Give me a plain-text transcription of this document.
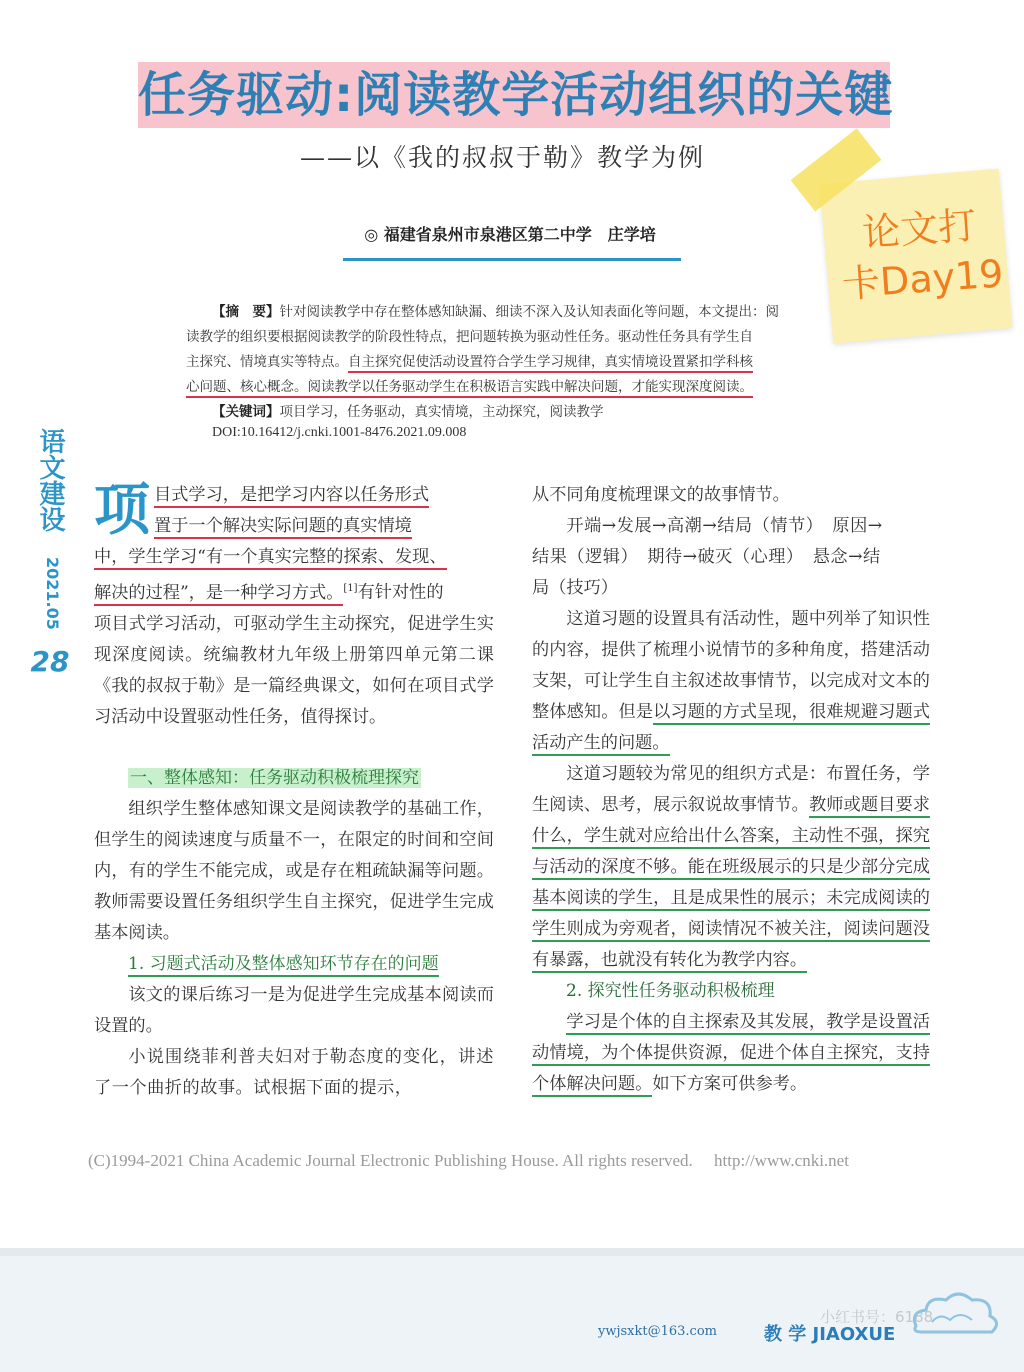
任务驱动:阅读教学活动组织的关键
——以《我的叔叔于勒》教学为例
◎ 福建省泉州市泉港区第二中学　庄学培
【摘　要】针对阅读教学中存在整体感知缺漏、细读不深入及认知表面化等问题，本文提出：阅
读教学的组织要根据阅读教学的阶段性特点，把问题转换为驱动性任务。驱动性任务具有学生自
主探究、情境真实等特点。自主探究促使活动设置符合学生学习规律，真实情境设置紧扣学科核
心问题、核心概念。阅读教学以任务驱动学生在积极语言实践中解决问题，才能实现深度阅读。
【关键词】项目学习，任务驱动，真实情境，主动探究，阅读教学
DOI:10.16412/j.cnki.1001-8476.2021.09.008
语文建设
2021.05
28

项 目式学习，是把学习内容以任务形式
置于一个解决实际问题的真实情境
中，学生学习“有一个真实完整的探索、发现、
解决的过程”，是一种学习方式。[1]有针对性的

项目式学习活动，可驱动学生主动探究，促进学生实现深度阅读。统编教材九年级上册第四单元第二课《我的叔叔于勒》是一篇经典课文，如何在项目式学习活动中设置驱动性任务，值得探讨。

一、整体感知：任务驱动积极梳理探究

组织学生整体感知课文是阅读教学的基础工作，但学生的阅读速度与质量不一，在限定的时间和空间内，有的学生不能完成，或是存在粗疏缺漏等问题。教师需要设置任务组织学生自主探究，促进学生完成基本阅读。

1. 习题式活动及整体感知环节存在的问题

该文的课后练习一是为促进学生完成基本阅读而设置的。

小说围绕菲利普夫妇对于勒态度的变化，讲述了一个曲折的故事。试根据下面的提示，

从不同角度梳理课文的故事情节。

开端→发展→高潮→结局（情节）　原因→

结果（逻辑）　期待→破灭（心理）　悬念→结

局（技巧）

这道习题的设置具有活动性，题中列举了知识性的内容，提供了梳理小说情节的多种角度，搭建活动支架，可让学生自主叙述故事情节，以完成对文本的整体感知。但是以习题的方式呈现，很难规避习题式活动产生的问题。

这道习题较为常见的组织方式是：布置任务，学生阅读、思考，展示叙说故事情节。教师或题目要求什么，学生就对应给出什么答案，主动性不强，探究与活动的深度不够。能在班级展示的只是少部分完成基本阅读的学生，且是成果性的展示；未完成阅读的学生则成为旁观者，阅读情况不被关注，阅读问题没有暴露，也就没有转化为教学内容。

2. 探究性任务驱动积极梳理

学习是个体的自主探索及其发展，教学是设置活动情境，为个体提供资源，促进个体自主探究，支持个体解决问题。如下方案可供参考。

(C)1994-2021 China Academic Journal Electronic Publishing House. All rights reserved.　 http://www.cnki.net
ywjsxkt@163.com	教 学 JIAOXUE
小红书号：6188
论文打
卡Day19
